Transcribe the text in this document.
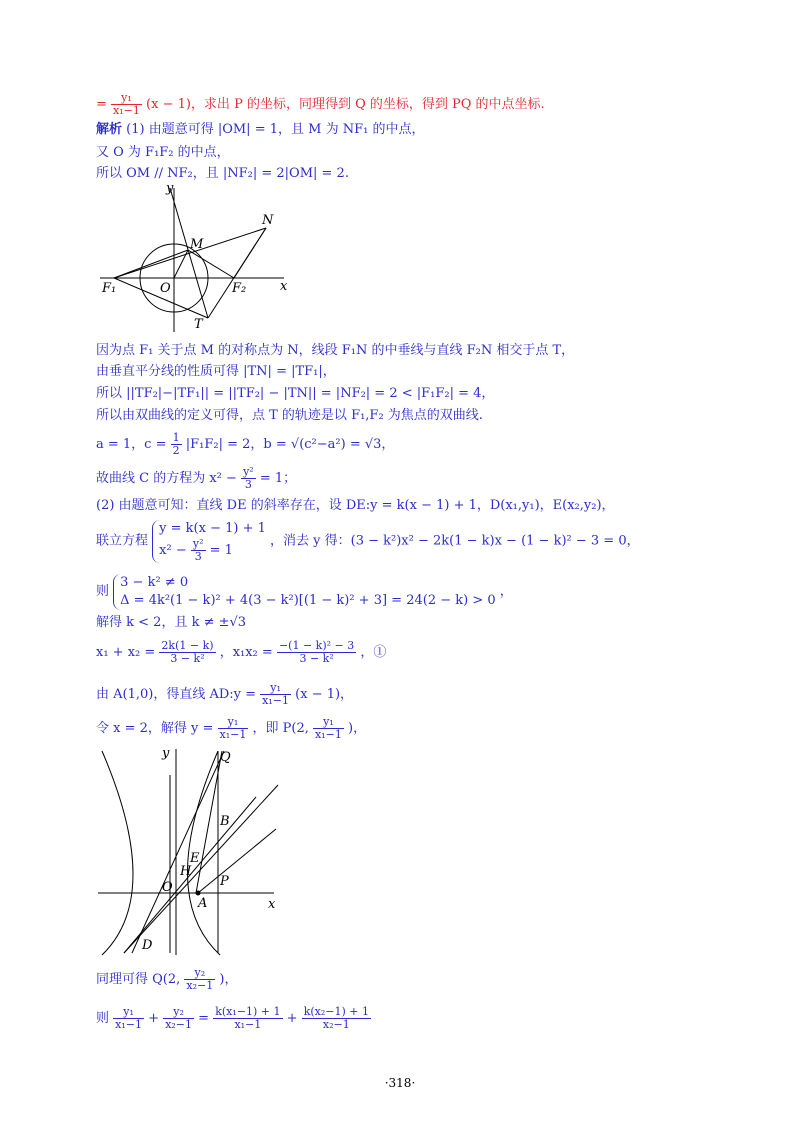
= $\frac{\text{y₁}}{\text{x₁−1}} (x - 1)$，求出 P 的坐标，同理得到 Q 的坐标，得到 PQ 的中点坐标.
解析 (1) 由题意可得 |OM| = 1，且 M 为 NF₁ 的中点，
又 O 为 F₁F₂ 的中点，
所以 OM // NF₂，且 |NF₂| = 2|OM| = 2.
y
x
N
M
F₁	O	F₂
T
因为点 F₁ 关于点 M 的对称点为 N，线段 F₁N 的中垂线与直线 F₂N 相交于点 T，
由垂直平分线的性质可得 |TN| = |TF₁|，
所以 ||TF₂|−|TF₁|| = ||TF₂| − |TN|| = |NF₂| = 2 < |F₁F₂| = 4，
所以由双曲线的定义可得，点 T 的轨迹是以 F₁,F₂ 为焦点的双曲线.
a = 1，$c = \frac{1}{2} |F_1F_2| = 2$，b = √(c²−a²) = √3，
故曲线 C 的方程为 $x^2 - \frac{\text{y²}}{3} = 1$；
(2) 由题意可知：直线 DE 的斜率存在，设 DE:y = k(x − 1) + 1，D(x₁,y₁)，E(x₂,y₂)，
联立方程
y = k(x − 1) + 1
$x^2 - \frac{\text{y²}}{3} = 1$
，消去 y 得：(3 − k²)x² − 2k(1 − k)x − (1 − k)² − 3 = 0，
则
3 − k² ≠ 0
Δ = 4k²(1 − k)² + 4(3 − k²)[(1 − k)² + 3] = 24(2 − k) > 0
，
解得 k < 2，且 k ≠ ±√3
$x_1 + x_2 = \frac{2k(1 - k)}{\text{3 − k²}}$ ，$x_1x_2 = \frac{\text{−(1 − k)² − 3}}{\text{3 − k²}}$ ，①
由 A(1,0)，得直线 AD:y = $\frac{\text{y₁}}{\text{x₁−1}} (x - 1)$，
令 x = 2，解得 $y = \frac{\text{y₁}}{\text{x₁−1}}$ ，即 P(2, $\frac{\text{y₁}}{\text{x₁−1}}$ )，
y	Q
B
E
H
O	P
A	x
D
同理可得 Q(2, $\frac{\text{y₂}}{\text{x₂−1}}$ )，
则 $\frac{\text{y₁}}{\text{x₁−1}} + \frac{\text{y₂}}{\text{x₂−1}} = \frac{\text{k(x₁−1) + 1}}{\text{x₁−1}} + \frac{\text{k(x₂−1) + 1}}{\text{x₂−1}}$
·318·
